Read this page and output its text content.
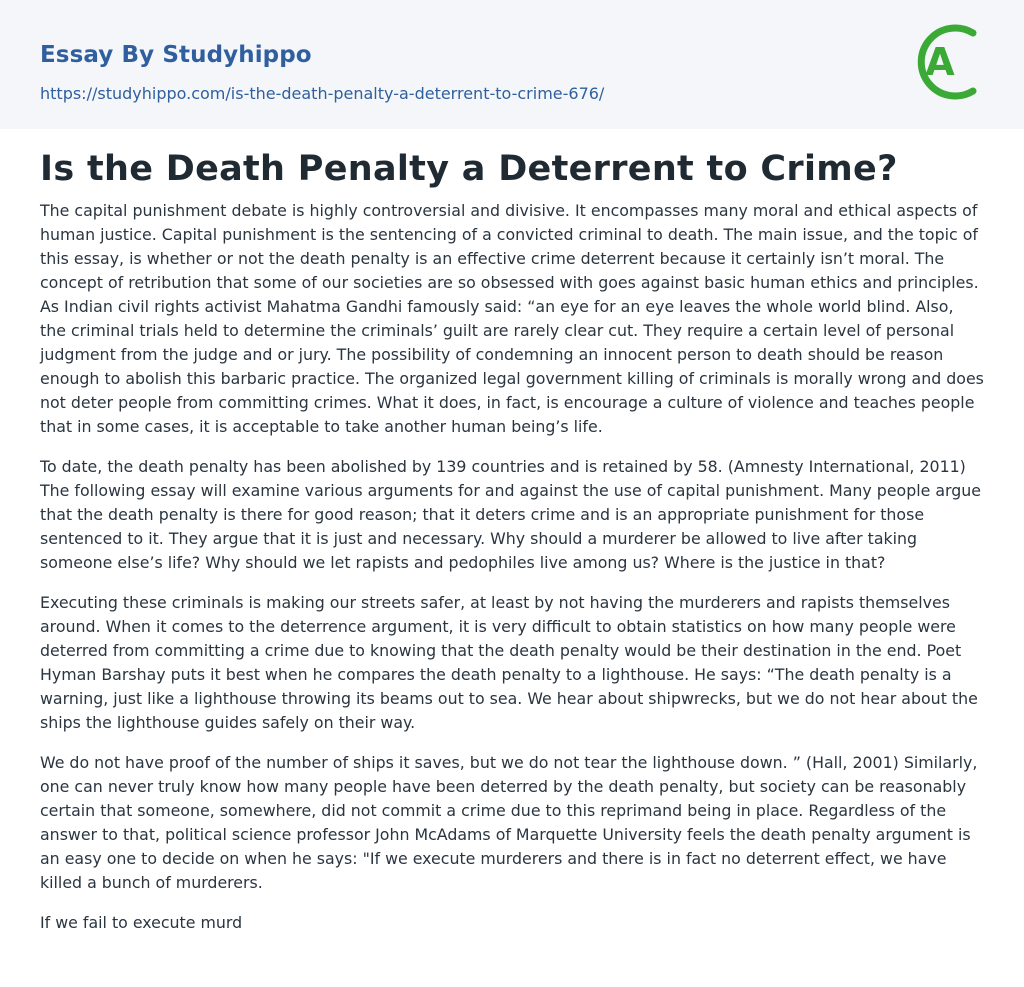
Essay By Studyhippo
https://studyhippo.com/is-the-death-penalty-a-deterrent-to-crime-676/
A
Is the Death Penalty a Deterrent to Crime?

The capital punishment debate is highly controversial and divisive. It encompasses many moral and ethical aspects of human justice. Capital punishment is the sentencing of a convicted criminal to death. The main issue, and the topic of this essay, is whether or not the death penalty is an effective crime deterrent because it certainly isn’t moral. The concept of retribution that some of our societies are so obsessed with goes against basic human ethics and principles. As Indian civil rights activist Mahatma Gandhi famously said: “an eye for an eye leaves the whole world blind. Also, the criminal trials held to determine the criminals’ guilt are rarely clear cut. They require a certain level of personal judgment from the judge and or jury. The possibility of condemning an innocent person to death should be reason enough to abolish this barbaric practice. The organized legal government killing of criminals is morally wrong and does not deter people from committing crimes. What it does, in fact, is encourage a culture of violence and teaches people that in some cases, it is acceptable to take another human being’s life.

To date, the death penalty has been abolished by 139 countries and is retained by 58. (Amnesty International, 2011) The following essay will examine various arguments for and against the use of capital punishment. Many people argue that the death penalty is there for good reason; that it deters crime and is an appropriate punishment for those sentenced to it. They argue that it is just and necessary. Why should a murderer be allowed to live after taking someone else’s life? Why should we let rapists and pedophiles live among us? Where is the justice in that?

Executing these criminals is making our streets safer, at least by not having the murderers and rapists themselves around. When it comes to the deterrence argument, it is very difficult to obtain statistics on how many people were deterred from committing a crime due to knowing that the death penalty would be their destination in the end. Poet Hyman Barshay puts it best when he compares the death penalty to a lighthouse. He says: “The death penalty is a warning, just like a lighthouse throwing its beams out to sea. We hear about shipwrecks, but we do not hear about the ships the lighthouse guides safely on their way.

We do not have proof of the number of ships it saves, but we do not tear the lighthouse down. ” (Hall, 2001) Similarly, one can never truly know how many people have been deterred by the death penalty, but society can be reasonably certain that someone, somewhere, did not commit a crime due to this reprimand being in place. Regardless of the answer to that, political science professor John McAdams of Marquette University feels the death penalty argument is an easy one to decide on when he says: "If we execute murderers and there is in fact no deterrent effect, we have killed a bunch of murderers.

If we fail to execute murd
